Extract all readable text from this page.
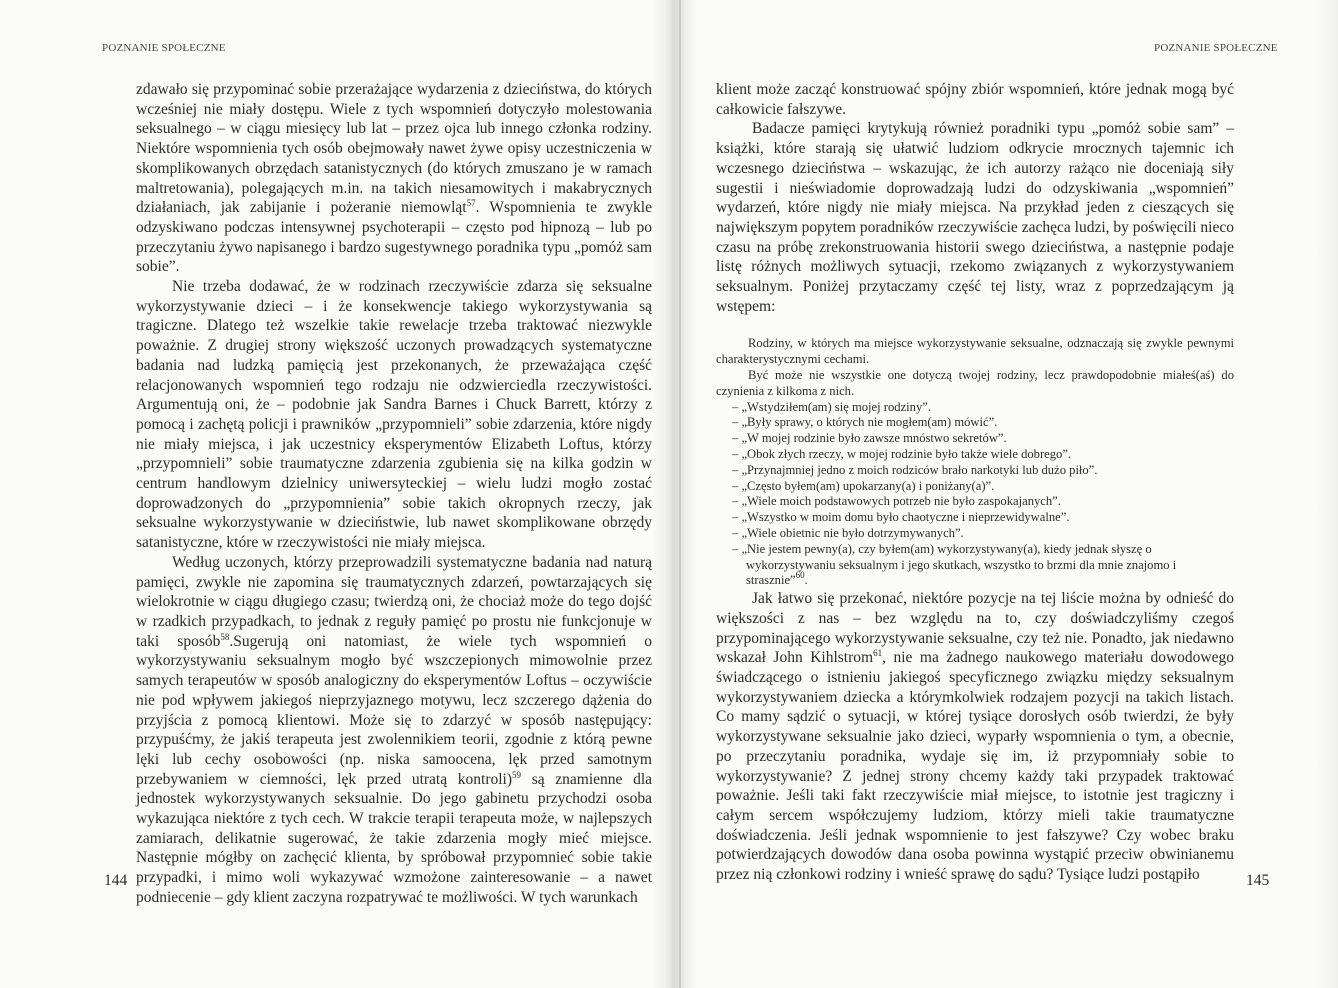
POZNANIE SPOŁECZNE

zdawało się przypominać sobie przerażające wydarzenia z dzieciństwa, do których wcześniej nie miały dostępu. Wiele z tych wspomnień dotyczyło molestowania seksualnego – w ciągu miesięcy lub lat – przez ojca lub innego członka rodziny. Niektóre wspomnienia tych osób obejmowały nawet żywe opisy uczestniczenia w skomplikowanych obrzędach satanistycznych (do których zmuszano je w ramach maltretowania), polegających m.in. na takich niesamowitych i makabrycznych działaniach, jak zabijanie i pożeranie niemowląt$^{57}$. Wspomnienia te zwykle odzyskiwano podczas intensywnej psychoterapii – często pod hipnozą – lub po przeczytaniu żywo napisanego i bardzo sugestywnego poradnika typu „pomóż sam sobie”.

Nie trzeba dodawać, że w rodzinach rzeczywiście zdarza się seksualne wykorzystywanie dzieci – i że konsekwencje takiego wykorzystywania są tragiczne. Dlatego też wszelkie takie rewelacje trzeba traktować niezwykle poważnie. Z drugiej strony większość uczonych prowadzących systematyczne badania nad ludzką pamięcią jest przekonanych, że przeważająca część relacjonowanych wspomnień tego rodzaju nie odzwierciedla rzeczywistości. Argumentują oni, że – podobnie jak Sandra Barnes i Chuck Barrett, którzy z pomocą i zachętą policji i prawników „przypomnieli” sobie zdarzenia, które nigdy nie miały miejsca, i jak uczestnicy eksperymentów Elizabeth Loftus, którzy „przypomnieli” sobie traumatyczne zdarzenia zgubienia się na kilka godzin w centrum handlowym dzielnicy uniwersyteckiej – wielu ludzi mogło zostać doprowadzonych do „przypomnienia” sobie takich okropnych rzeczy, jak seksualne wykorzystywanie w dzieciństwie, lub nawet skomplikowane obrzędy satanistyczne, które w rzeczywistości nie miały miejsca.

Według uczonych, którzy przeprowadzili systematyczne badania nad naturą pamięci, zwykle nie zapomina się traumatycznych zdarzeń, powtarzających się wielokrotnie w ciągu długiego czasu; twierdzą oni, że chociaż może do tego dojść w rzadkich przypadkach, to jednak z reguły pamięć po prostu nie funkcjonuje w taki sposób$^{58}$.Sugerują oni natomiast, że wiele tych wspomnień o wykorzystywaniu seksualnym mogło być wszczepionych mimowolnie przez samych terapeutów w sposób analogiczny do eksperymentów Loftus – oczywiście nie pod wpływem jakiegoś nieprzyjaznego motywu, lecz szczerego dążenia do przyjścia z pomocą klientowi. Może się to zdarzyć w sposób następujący: przypuśćmy, że jakiś terapeuta jest zwolennikiem teorii, zgodnie z którą pewne lęki lub cechy osobowości (np. niska samoocena, lęk przed samotnym przebywaniem w ciemności, lęk przed utratą kontroli)$^{59}$ są znamienne dla jednostek wykorzystywanych seksualnie. Do jego gabinetu przychodzi osoba wykazująca niektóre z tych cech. W trakcie terapii terapeuta może, w najlepszych zamiarach, delikatnie sugerować, że takie zdarzenia mogły mieć miejsce. Następnie mógłby on zachęcić klienta, by spróbował przypomnieć sobie takie przypadki, i mimo woli wykazywać wzmożone zainteresowanie – a nawet podniecenie – gdy klient zaczyna rozpatrywać te możliwości. W tych warunkach

144
POZNANIE SPOŁECZNE

klient może zacząć konstruować spójny zbiór wspomnień, które jednak mogą być całkowicie fałszywe.

Badacze pamięci krytykują również poradniki typu „pomóż sobie sam” – książki, które starają się ułatwić ludziom odkrycie mrocznych tajemnic ich wczesnego dzieciństwa – wskazując, że ich autorzy rażąco nie doceniają siły sugestii i nieświadomie doprowadzają ludzi do odzyskiwania „wspomnień” wydarzeń, które nigdy nie miały miejsca. Na przykład jeden z cieszących się największym popytem poradników rzeczywiście zachęca ludzi, by poświęcili nieco czasu na próbę zrekonstruowania historii swego dzieciństwa, a następnie podaje listę różnych możliwych sytuacji, rzekomo związanych z wykorzystywaniem seksualnym. Poniżej przytaczamy część tej listy, wraz z poprzedzającym ją wstępem:

Rodziny, w których ma miejsce wykorzystywanie seksualne, odznaczają się zwykle pewnymi charakterystycznymi cechami.

Być może nie wszystkie one dotyczą twojej rodziny, lecz prawdopodobnie miałeś(aś) do czynienia z kilkoma z nich.

– „Wstydziłem(am) się mojej rodziny”.
– „Były sprawy, o których nie mogłem(am) mówić”.
– „W mojej rodzinie było zawsze mnóstwo sekretów”.
– „Obok złych rzeczy, w mojej rodzinie było także wiele dobrego”.
– „Przynajmniej jedno z moich rodziców brało narkotyki lub dużo piło”.
– „Często byłem(am) upokarzany(a) i poniżany(a)”.
– „Wiele moich podstawowych potrzeb nie było zaspokajanych”.
– „Wszystko w moim domu było chaotyczne i nieprzewidywalne”.
– „Wiele obietnic nie było dotrzymywanych”.
– „Nie jestem pewny(a), czy byłem(am) wykorzystywany(a), kiedy jednak słyszę o wykorzystywaniu seksualnym i jego skutkach, wszystko to brzmi dla mnie znajomo i strasznie”$^{60}$.

Jak łatwo się przekonać, niektóre pozycje na tej liście można by odnieść do większości z nas – bez względu na to, czy doświadczyliśmy czegoś przypominającego wykorzystywanie seksualne, czy też nie. Ponadto, jak niedawno wskazał John Kihlstrom$^{61}$, nie ma żadnego naukowego materiału dowodowego świadczącego o istnieniu jakiegoś specyficznego związku między seksualnym wykorzystywaniem dziecka a którymkolwiek rodzajem pozycji na takich listach. Co mamy sądzić o sytuacji, w której tysiące dorosłych osób twierdzi, że były wykorzystywane seksualnie jako dzieci, wyparły wspomnienia o tym, a obecnie, po przeczytaniu poradnika, wydaje się im, iż przypomniały sobie to wykorzystywanie? Z jednej strony chcemy każdy taki przypadek traktować poważnie. Jeśli taki fakt rzeczywiście miał miejsce, to istotnie jest tragiczny i całym sercem współczujemy ludziom, którzy mieli takie traumatyczne doświadczenia. Jeśli jednak wspomnienie to jest fałszywe? Czy wobec braku potwierdzających dowodów dana osoba powinna wystąpić przeciw obwinianemu przez nią członkowi rodziny i wnieść sprawę do sądu? Tysiące ludzi postąpiło	145
